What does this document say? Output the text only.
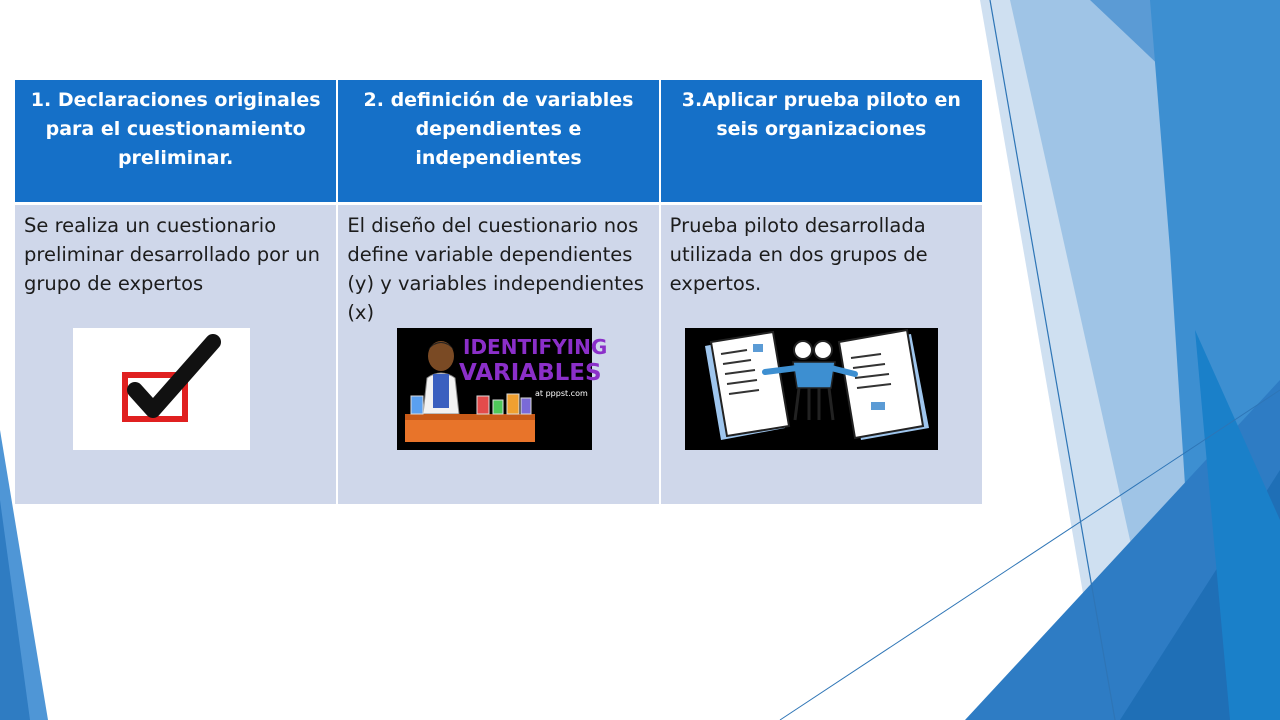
1. Declaraciones originales para el cuestionamiento preliminar.	2. definición de variables dependientes e independientes	3.Aplicar prueba piloto en seis organizaciones

Se realiza un cuestionario preliminar desarrollado por un grupo de expertos	El diseño del cuestionario nos define variable dependientes (y) y variables independientes (x)	Prueba piloto desarrollada utilizada en dos grupos de expertos.
IDENTIFYING
VARIABLES
at pppst.com
